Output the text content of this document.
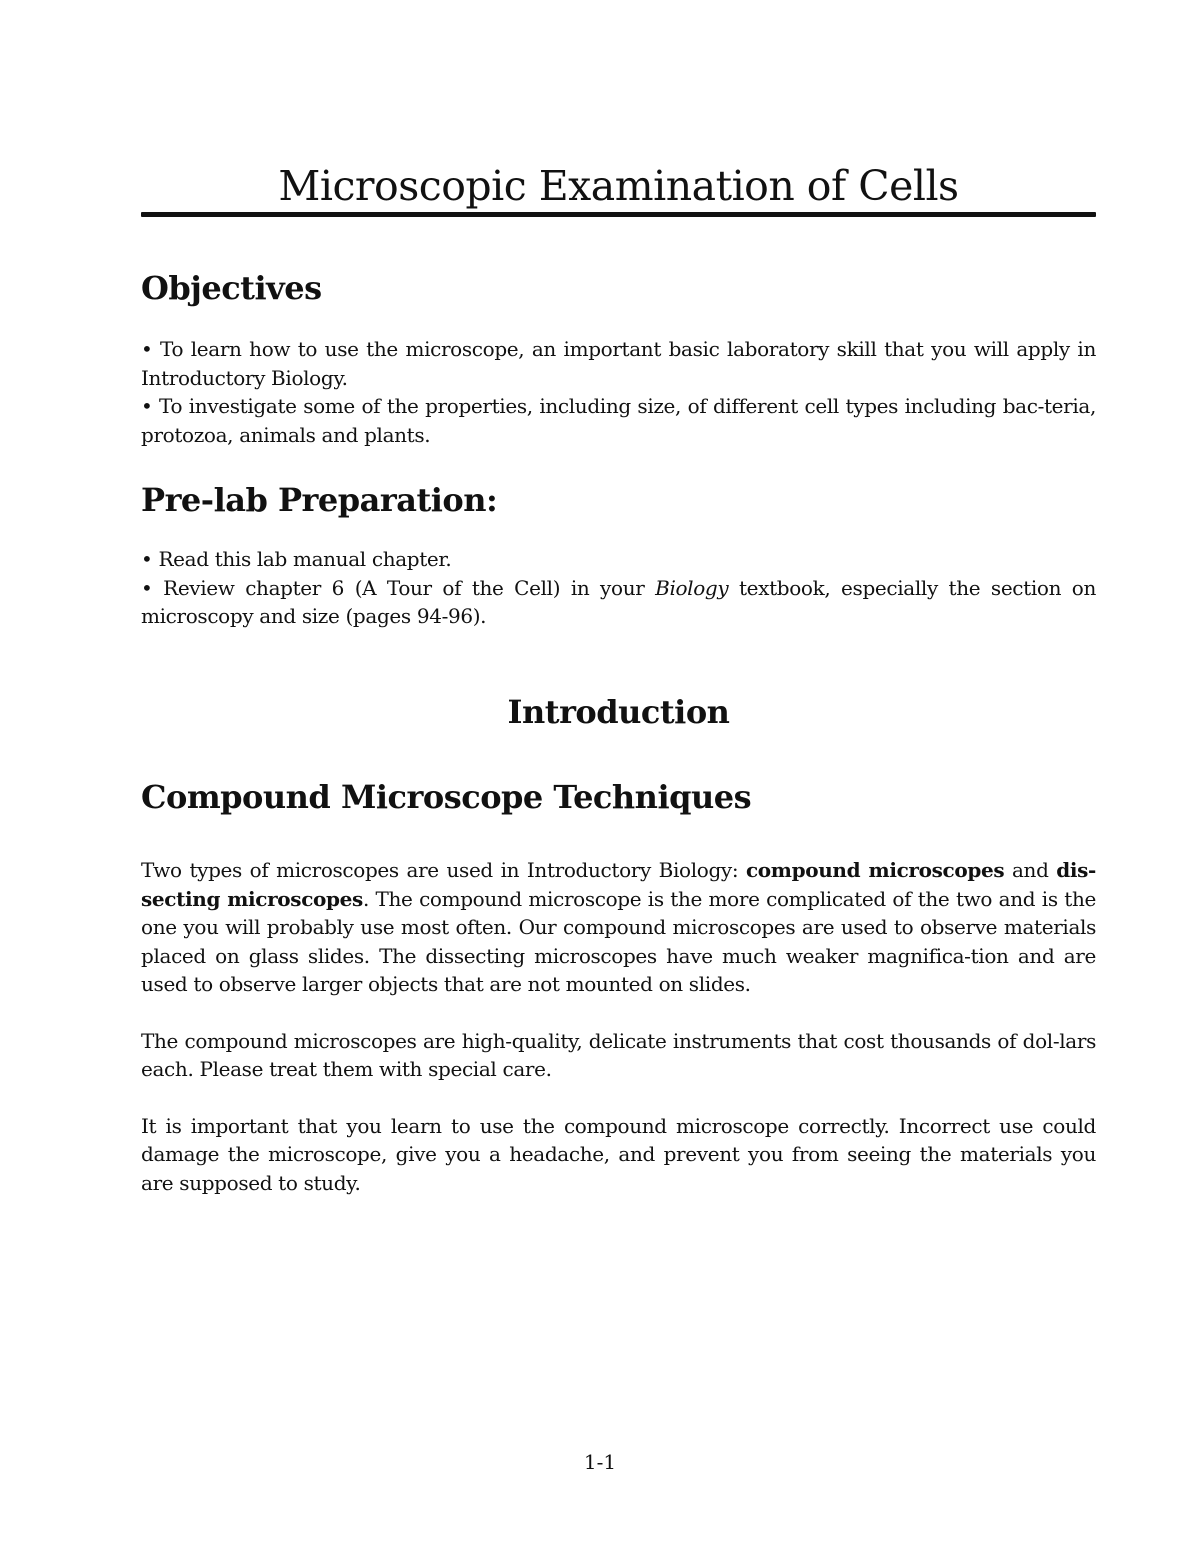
Microscopic Examination of Cells
Objectives

• To learn how to use the microscope, an important basic laboratory skill that you will apply in Introductory Biology.

• To investigate some of the properties, including size, of different cell types including bac-teria, protozoa, animals and plants.

Pre-lab Preparation:

• Read this lab manual chapter.

• Review chapter 6 (A Tour of the Cell) in your Biology textbook, especially the section on microscopy and size (pages 94-96).

Introduction
Compound Microscope Techniques

Two types of microscopes are used in Introductory Biology: compound microscopes and dis-secting microscopes. The compound microscope is the more complicated of the two and is the one you will probably use most often. Our compound microscopes are used to observe materials placed on glass slides. The dissecting microscopes have much weaker magnifica-tion and are used to observe larger objects that are not mounted on slides.

The compound microscopes are high-quality, delicate instruments that cost thousands of dol-lars each. Please treat them with special care.

It is important that you learn to use the compound microscope correctly. Incorrect use could damage the microscope, give you a headache, and prevent you from seeing the materials you are supposed to study.

1-1
